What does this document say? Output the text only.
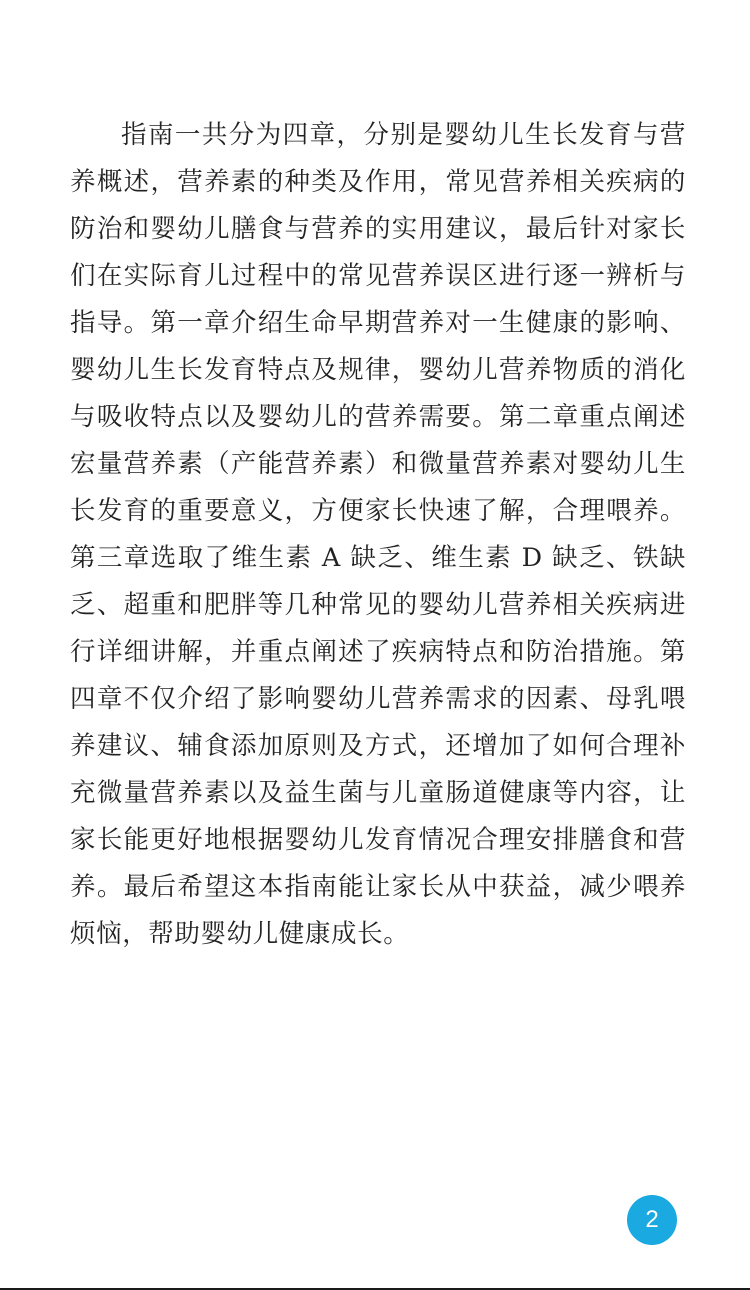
指南一共分为四章，分别是婴幼儿生长发育与营养概述，营养素的种类及作用，常见营养相关疾病的防治和婴幼儿膳食与营养的实用建议，最后针对家长们在实际育儿过程中的常见营养误区进行逐一辨析与指导。第一章介绍生命早期营养对一生健康的影响、婴幼儿生长发育特点及规律，婴幼儿营养物质的消化与吸收特点以及婴幼儿的营养需要。第二章重点阐述宏量营养素（产能营养素）和微量营养素对婴幼儿生长发育的重要意义，方便家长快速了解，合理喂养。第三章选取了维生素 A 缺乏、维生素 D 缺乏、铁缺乏、超重和肥胖等几种常见的婴幼儿营养相关疾病进行详细讲解，并重点阐述了疾病特点和防治措施。第四章不仅介绍了影响婴幼儿营养需求的因素、母乳喂养建议、辅食添加原则及方式，还增加了如何合理补充微量营养素以及益生菌与儿童肠道健康等内容，让家长能更好地根据婴幼儿发育情况合理安排膳食和营养。最后希望这本指南能让家长从中获益，减少喂养烦恼，帮助婴幼儿健康成长。

2
